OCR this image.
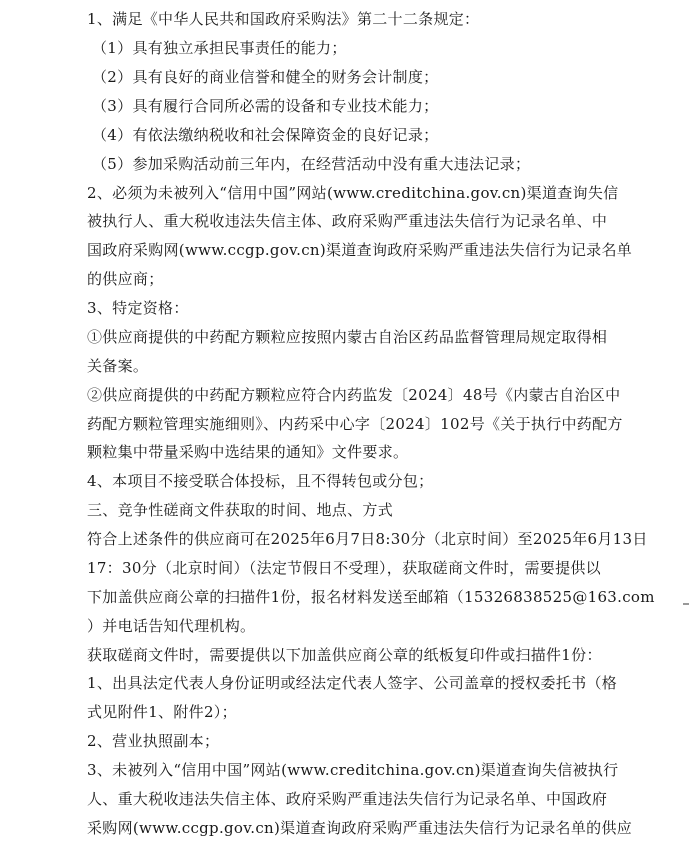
1、满足《中华人民共和国政府采购法》第二十二条规定：
（1）具有独立承担民事责任的能力；
（2）具有良好的商业信誉和健全的财务会计制度；
（3）具有履行合同所必需的设备和专业技术能力；
（4）有依法缴纳税收和社会保障资金的良好记录；
（5）参加采购活动前三年内，在经营活动中没有重大违法记录；
2、必须为未被列入“信用中国”网站(www.creditchina.gov.cn)渠道查询失信
被执行人、重大税收违法失信主体、政府采购严重违法失信行为记录名单、中
国政府采购网(www.ccgp.gov.cn)渠道查询政府采购严重违法失信行为记录名单
的供应商；
3、特定资格：
①供应商提供的中药配方颗粒应按照内蒙古自治区药品监督管理局规定取得相
关备案。
②供应商提供的中药配方颗粒应符合内药监发〔2024〕48号《内蒙古自治区中
药配方颗粒管理实施细则》、内药采中心字〔2024〕102号《关于执行中药配方
颗粒集中带量采购中选结果的通知》文件要求。
4、本项目不接受联合体投标，且不得转包或分包；
三、竞争性磋商文件获取的时间、地点、方式
符合上述条件的供应商可在2025年6月7日8:30分（北京时间）至2025年6月13日
17：30分（北京时间）（法定节假日不受理），获取磋商文件时，需要提供以
下加盖供应商公章的扫描件1份，报名材料发送至邮箱（15326838525@163.com
）并电话告知代理机构。
获取磋商文件时，需要提供以下加盖供应商公章的纸板复印件或扫描件1份：
1、出具法定代表人身份证明或经法定代表人签字、公司盖章的授权委托书（格
式见附件1、附件2）；
2、营业执照副本；
3、未被列入“信用中国”网站(www.creditchina.gov.cn)渠道查询失信被执行
人、重大税收违法失信主体、政府采购严重违法失信行为记录名单、中国政府
采购网(www.ccgp.gov.cn)渠道查询政府采购严重违法失信行为记录名单的供应
